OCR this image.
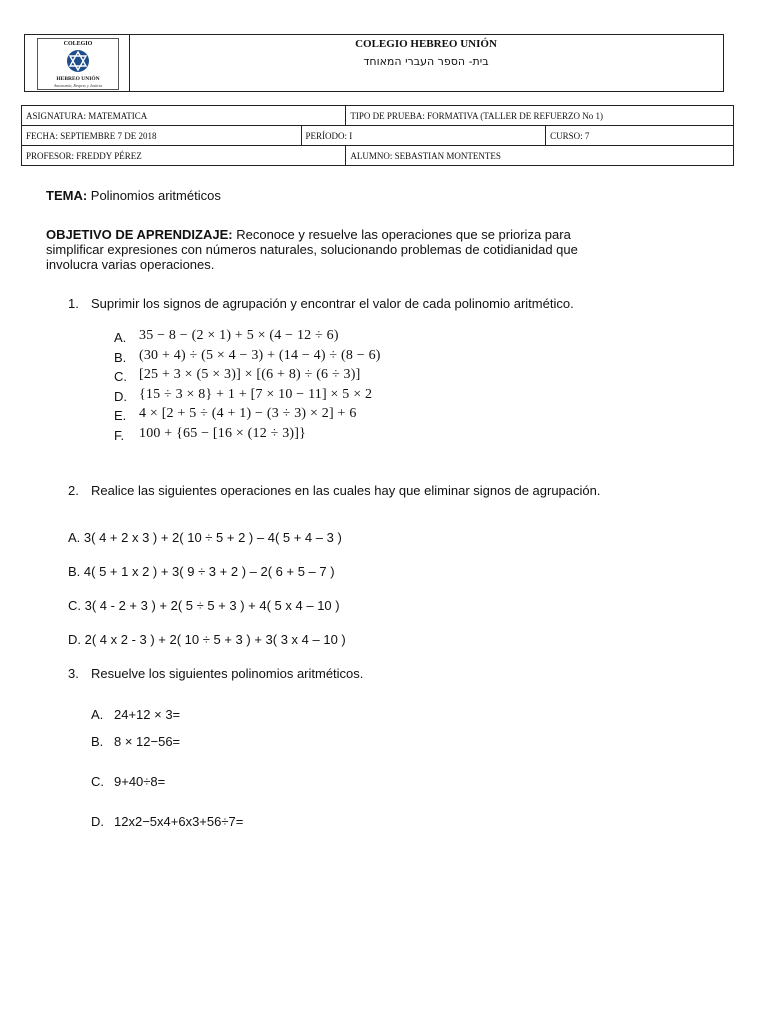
COLEGIO
HEBREO UNIÓN
Autonomía, Respeto y Justicia
COLEGIO HEBREO UNIÓN
בית- הספר העברי המאוחד
ASIGNATURA: MATEMATICA		TIPO DE PRUEBA: FORMATIVA (TALLER DE REFUERZO No 1)	
FECHA: SEPTIEMBRE 7 DE 2018	PERÍODO: I		CURSO: 7
PROFESOR: FREDDY PÉREZ		ALUMNO: SEBASTIAN MONTENTES	
TEMA: Polinomios aritméticos
OBJETIVO DE APRENDIZAJE: Reconoce y resuelve las operaciones que se prioriza para
simplificar expresiones con números naturales, solucionando problemas de cotidianidad que
involucra varias operaciones.
1. Suprimir los signos de agrupación y encontrar el valor de cada polinomio aritmético.
A. 35 − 8 − (2 × 1) + 5 × (4 − 12 ÷ 6)
B. (30 + 4) ÷ (5 × 4 − 3) + (14 − 4) ÷ (8 − 6)
C. [25 + 3 × (5 × 3)] × [(6 + 8) ÷ (6 ÷ 3)]
D. {15 ÷ 3 × 8} + 1 + [7 × 10 − 11] × 5 × 2
E. 4 × [2 + 5 ÷ (4 + 1) − (3 ÷ 3) × 2] + 6
F. 100 + {65 − [16 × (12 ÷ 3)]}
2. Realice las siguientes operaciones en las cuales hay que eliminar signos de agrupación.
A. 3( 4 + 2 x 3 ) + 2( 10 ÷ 5 + 2 ) – 4( 5 + 4 – 3 )
B. 4( 5 + 1 x 2 ) + 3( 9 ÷ 3 + 2 ) – 2( 6 + 5 – 7 )
C. 3( 4 - 2 + 3 ) + 2( 5 ÷ 5 + 3 ) + 4( 5 x 4 – 10 )
D. 2( 4 x 2 - 3 ) + 2( 10 ÷ 5 + 3 ) + 3( 3 x 4 – 10 )
3. Resuelve los siguientes polinomios aritméticos.
A. 24+12 × 3=
B. 8 × 12−56=
C. 9+40÷8=
D. 12x2−5x4+6x3+56÷7=
